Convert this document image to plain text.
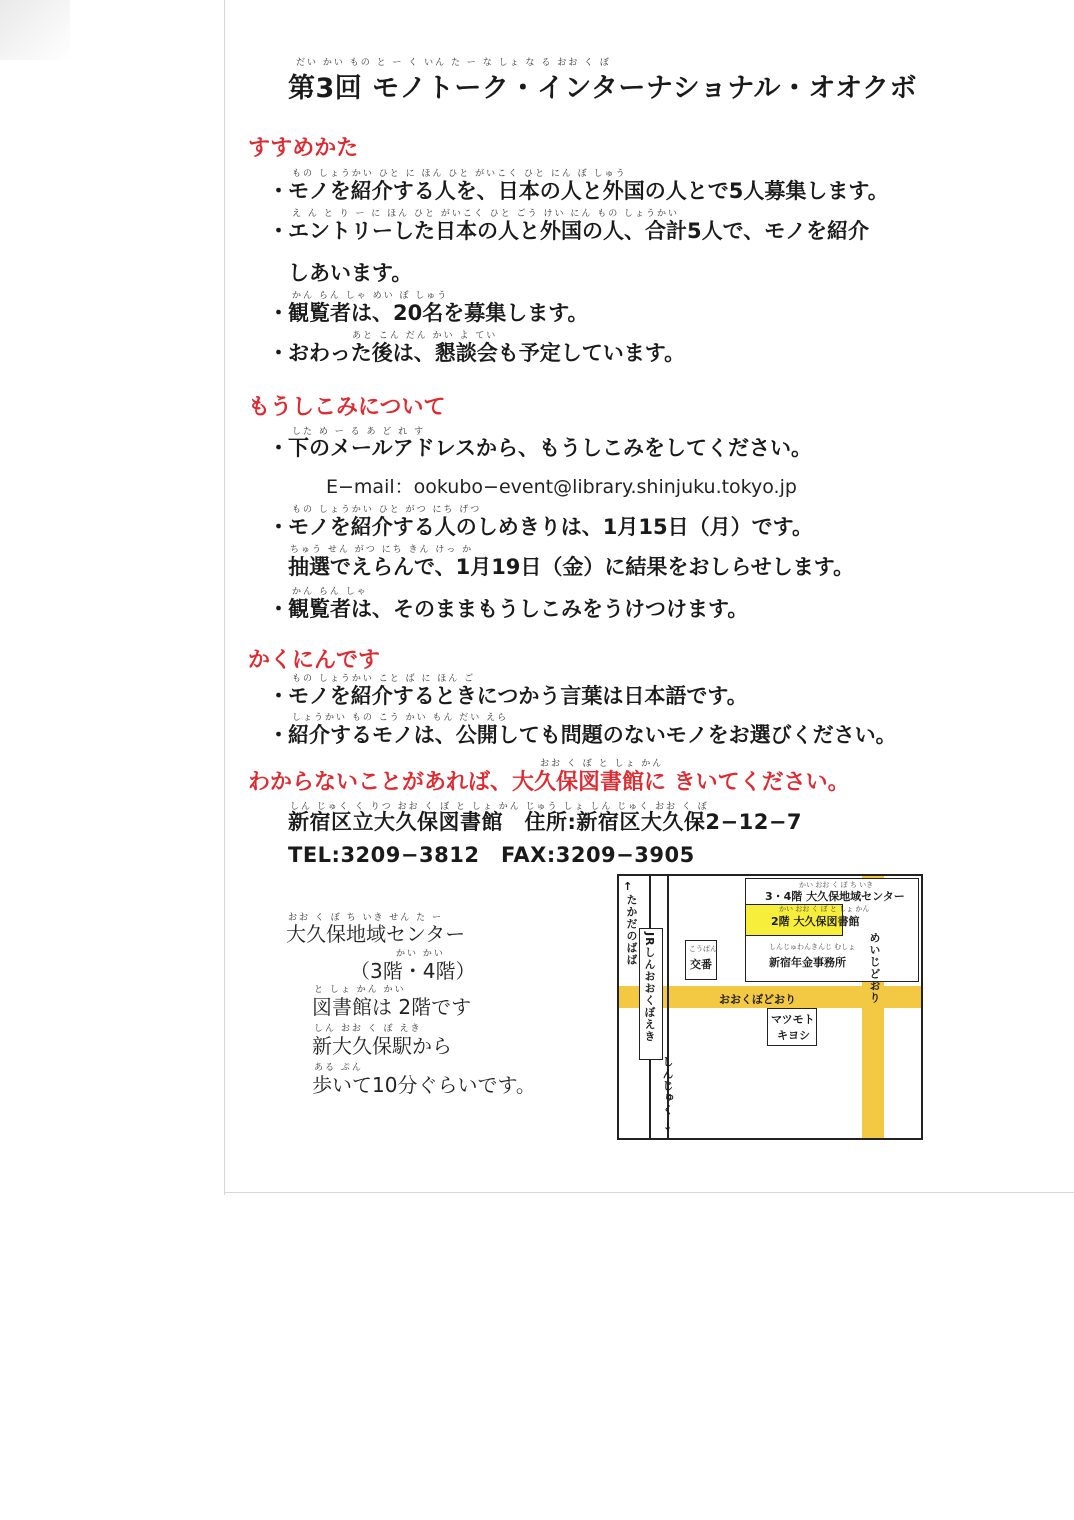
だい かい もの と ー く いん た ー な しょ な る おお く ぼ
第3回 モノトーク・インターナショナル・オオクボ
すすめかた
もの しょうかい ひと に ほん ひと がいこく ひと にん ぼ しゅう
・モノを紹介する人を、日本の人と外国の人とで5人募集します。
え ん と り ー に ほん ひと がいこく ひと ごう けい にん もの しょうかい
・エントリーした日本の人と外国の人、合計5人で、モノを紹介
しあいます。
かん らん しゃ めい ぼ しゅう
・観覧者は、20名を募集します。
あと こん だん かい よ てい
・おわった後は、懇談会も予定しています。
もうしこみについて
した め ー る あ ど れ す
・下のメールアドレスから、もうしこみをしてください。
E−mail：ookubo−event@library.shinjuku.tokyo.jp
もの しょうかい ひと がつ にち げつ
・モノを紹介する人のしめきりは、1月15日（月）です。
ちゅう せん がつ にち きん けっ か
抽選でえらんで、1月19日（金）に結果をおしらせします。
かん らん しゃ
・観覧者は、そのままもうしこみをうけつけます。
かくにんです
もの しょうかい こと ば に ほん ご
・モノを紹介するときにつかう言葉は日本語です。
しょうかい もの こう かい もん だい えら
・紹介するモノは、公開しても問題のないモノをお選びください。
おお く ぼ と しょ かん
わからないことがあれば、大久保図書館に きいてください。
しん じゅく く りつ おお く ぼ と しょ かん じゅう しょ しん じゅく おお く ぼ
新宿区立大久保図書館　住所:新宿区大久保2−12−7
TEL:3209−3812　FAX:3209−3905
おお く ぼ ち いき せん た ー
大久保地域センター
かい かい
（3階・4階）
と しょ かん かい
図書館は 2階です
しん おお く ぼ えき
新大久保駅から
ある ぷん
歩いて10分ぐらいです。
JRしんおおくぼえき
↑
たかだのばば	こうばん
交番
かい おお く ぼ ち いき
3・4階 大久保地域センター
かい おお く ぼ と しょ かん
2階 大久保図書館
しんじゅわんきんじ むしょ
新宿年金事務所
おおくぼどおり	めいじどおり
マツモト
キヨシ
しんじゅく
↓
